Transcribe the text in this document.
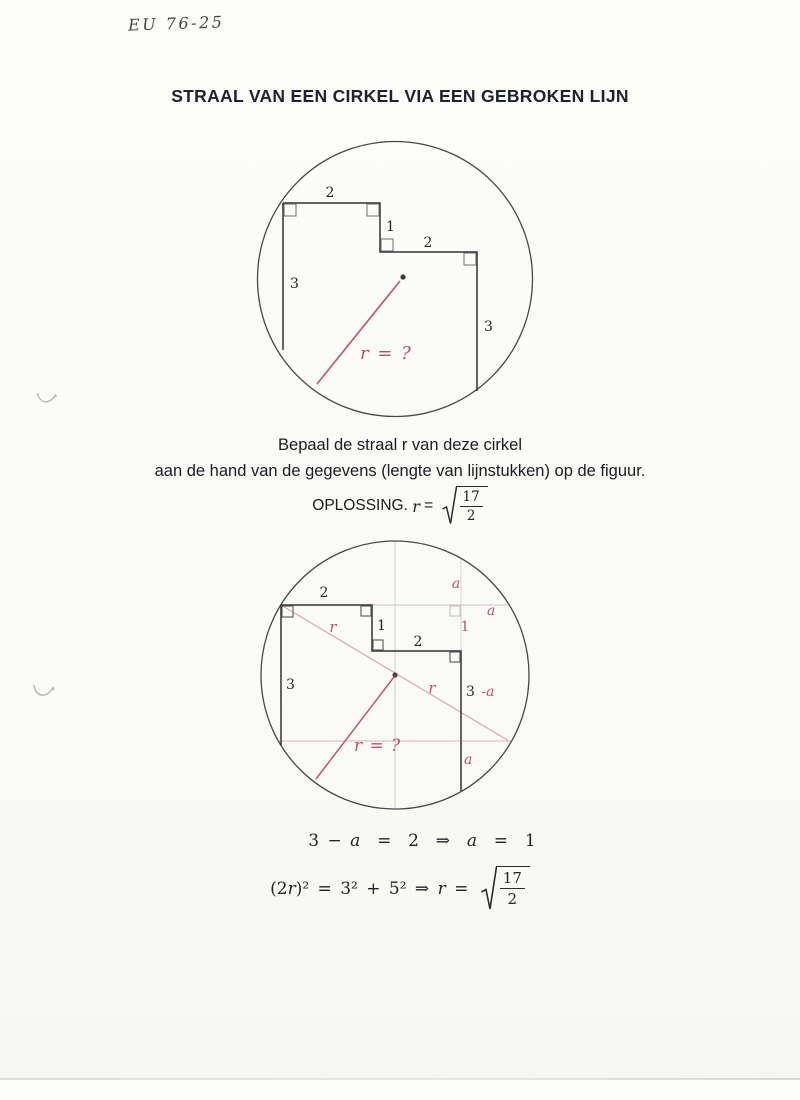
EU 76-25
STRAAL VAN EEN CIRKEL VIA EEN GEBROKEN LIJN
2
1
2
3
3
r = ?
Bepaal de straal r van deze cirkel
aan de hand van de gegevens (lengte van lijnstukken) op de figuur.
OPLOSSING. $r = \frac{17}{2}$
2
1
2
3
a
a
1
r
r 3 -a
a
r = ?
3 − a =  2  ⇒ a =  1
(2 r )² = 3² + 5² ⇒ $r = \frac{17}{2}$
